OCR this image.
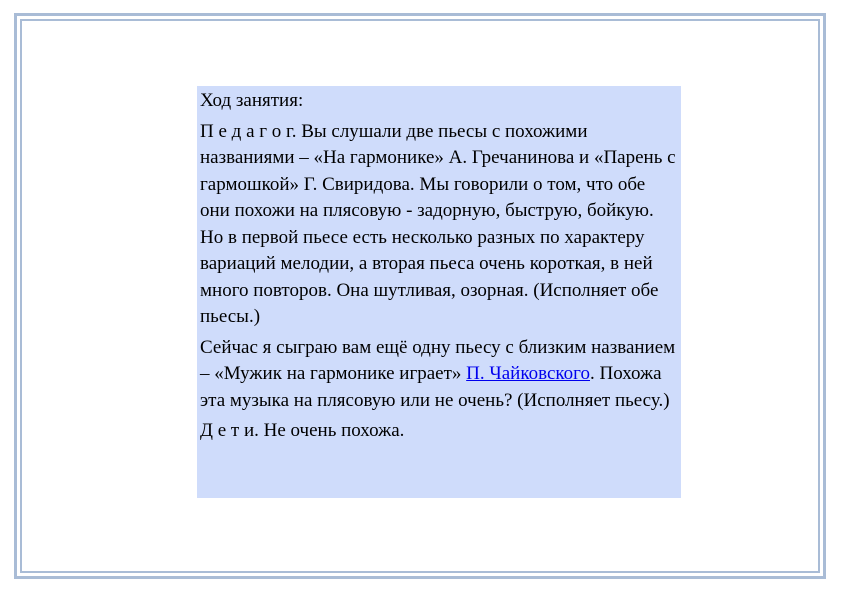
Ход занятия:

П е д а г о г. Вы слушали две пьесы с похожими названиями – «На гармонике» А. Гречанинова и «Парень с гармошкой» Г. Свиридова. Мы говорили о том, что обе они похожи на плясовую - задорную, быструю, бойкую. Но в первой пьесе есть несколько разных по характеру вариаций мелодии, а вторая пьеса очень короткая, в ней много повторов. Она шутливая, озорная. (Исполняет обе пьесы.)

Сейчас я сыграю вам ещё одну пьесу с близким названием – «Мужик на гармонике играет» П. Чайковского. Похожа эта музыка на плясовую или не очень? (Исполняет пьесу.)

Д е т и. Не очень похожа.
